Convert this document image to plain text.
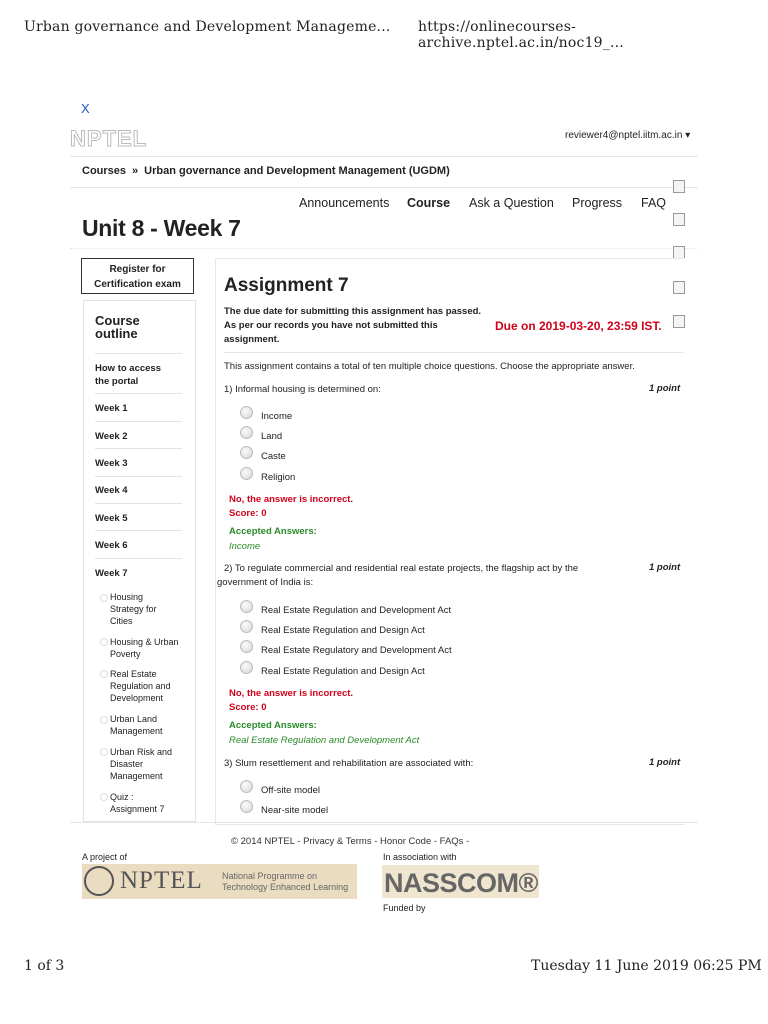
Urban governance and Development Manageme... https://onlinecourses-archive.nptel.ac.in/noc19_...
1 of 3	Tuesday 11 June 2019 06:25 PM
X
NPTEL	reviewer4@nptel.iitm.ac.in ▾
Courses » Urban governance and Development Management (UGDM)
Announcements Course Ask a Question Progress FAQ
Unit 8 - Week 7
Register for Certification exam
Course outline
How to access the portal
Week 1
Week 2
Week 3
Week 4
Week 5
Week 6
Week 7
Housing Strategy for Cities
Housing & Urban Poverty
Real Estate Regulation and Development
Urban Land Management
Urban Risk and Disaster Management
Quiz : Assignment 7
Assignment 7
The due date for submitting this assignment has passed.
As per our records you have not submitted this assignment.
Due on 2019-03-20, 23:59 IST.
This assignment contains a total of ten multiple choice questions. Choose the appropriate answer.
1) Informal housing is determined on:	1 point
Income
Land
Caste
Religion
No, the answer is incorrect.
Score: 0
Accepted Answers:
Income
2) To regulate commercial and residential real estate projects, the flagship act by the government of India is:
1 point
Real Estate Regulation and Development Act
Real Estate Regulation and Design Act
Real Estate Regulatory and Development Act
Real Estate Regulation and Design Act
No, the answer is incorrect.
Score: 0
Accepted Answers:
Real Estate Regulation and Development Act
3) Slum resettlement and rehabilitation are associated with:	1 point
Off-site model
Near-site model
© 2014 NPTEL - Privacy & Terms - Honor Code - FAQs -
A project of	In association with
NPTEL National Programme on Technology Enhanced Learning NASSCOM®
Funded by
